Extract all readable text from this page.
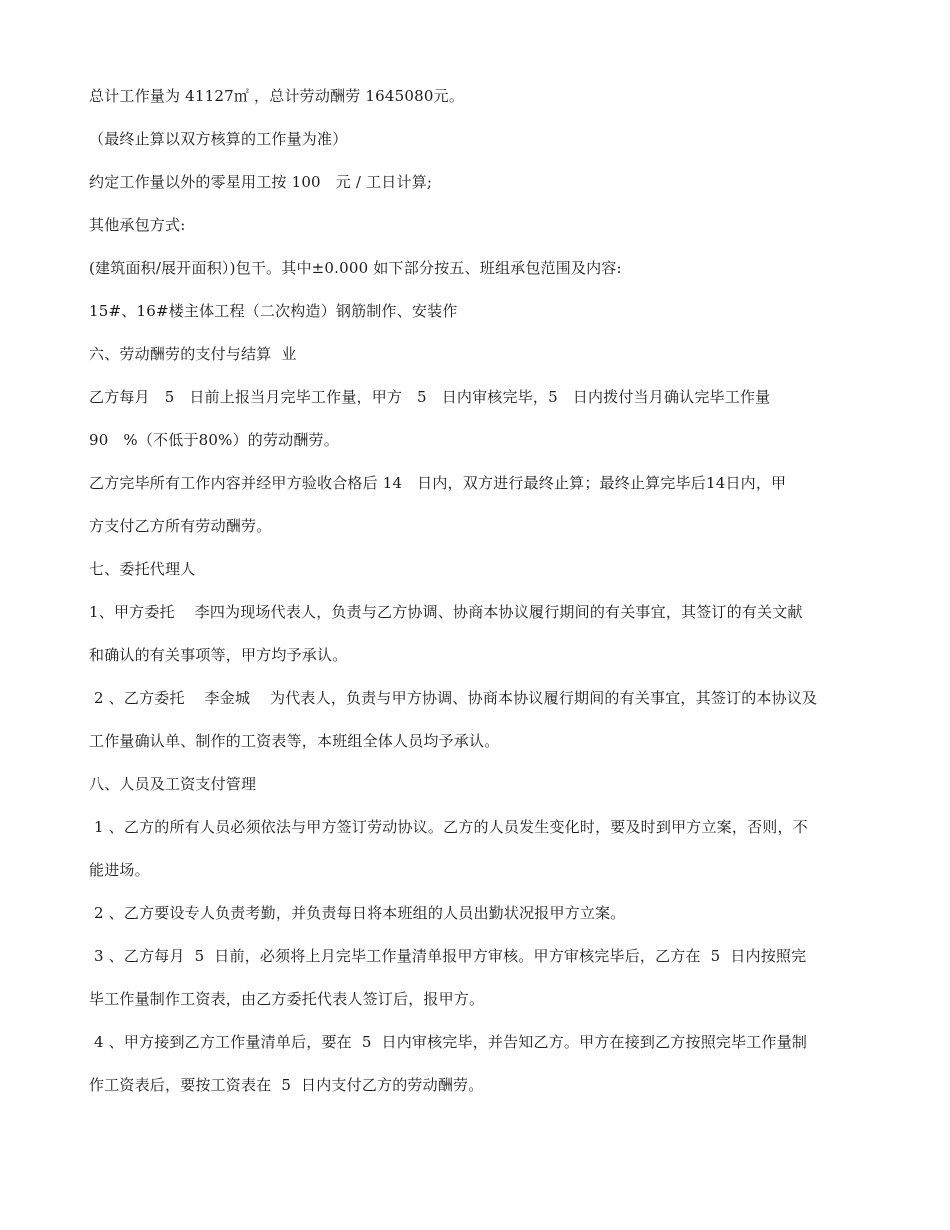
总计工作量为 41127㎡ ，总计劳动酬劳 1645080元。

（最终止算以双方核算的工作量为准）

约定工作量以外的零星用工按 100   元 / 工日计算;

其他承包方式:

(建筑面积/展开面积）)包干。其中±0.000 如下部分按五、班组承包范围及内容:

15#、16#楼主体工程（二次构造）钢筋制作、安装作

六、劳动酬劳的支付与结算  业

乙方每月   5   日前上报当月完毕工作量，甲方   5   日内审核完毕，5   日内拨付当月确认完毕工作量

90   %（不低于80%）的劳动酬劳。

乙方完毕所有工作内容并经甲方验收合格后 14   日内，双方进行最终止算；最终止算完毕后14日内，甲

方支付乙方所有劳动酬劳。

七、委托代理人

1、甲方委托    李四为现场代表人，负责与乙方协调、协商本协议履行期间的有关事宜，其签订的有关文献

和确认的有关事项等，甲方均予承认。

2 、乙方委托    李金城    为代表人，负责与甲方协调、协商本协议履行期间的有关事宜，其签订的本协议及

工作量确认单、制作的工资表等，本班组全体人员均予承认。

八、人员及工资支付管理

1 、乙方的所有人员必须依法与甲方签订劳动协议。乙方的人员发生变化时，要及时到甲方立案，否则，不

能进场。

2 、乙方要设专人负责考勤，并负责每日将本班组的人员出勤状况报甲方立案。

3 、乙方每月  5  日前，必须将上月完毕工作量清单报甲方审核。甲方审核完毕后，乙方在  5  日内按照完

毕工作量制作工资表，由乙方委托代表人签订后，报甲方。

4 、甲方接到乙方工作量清单后，要在  5  日内审核完毕，并告知乙方。甲方在接到乙方按照完毕工作量制

作工资表后，要按工资表在  5  日内支付乙方的劳动酬劳。
